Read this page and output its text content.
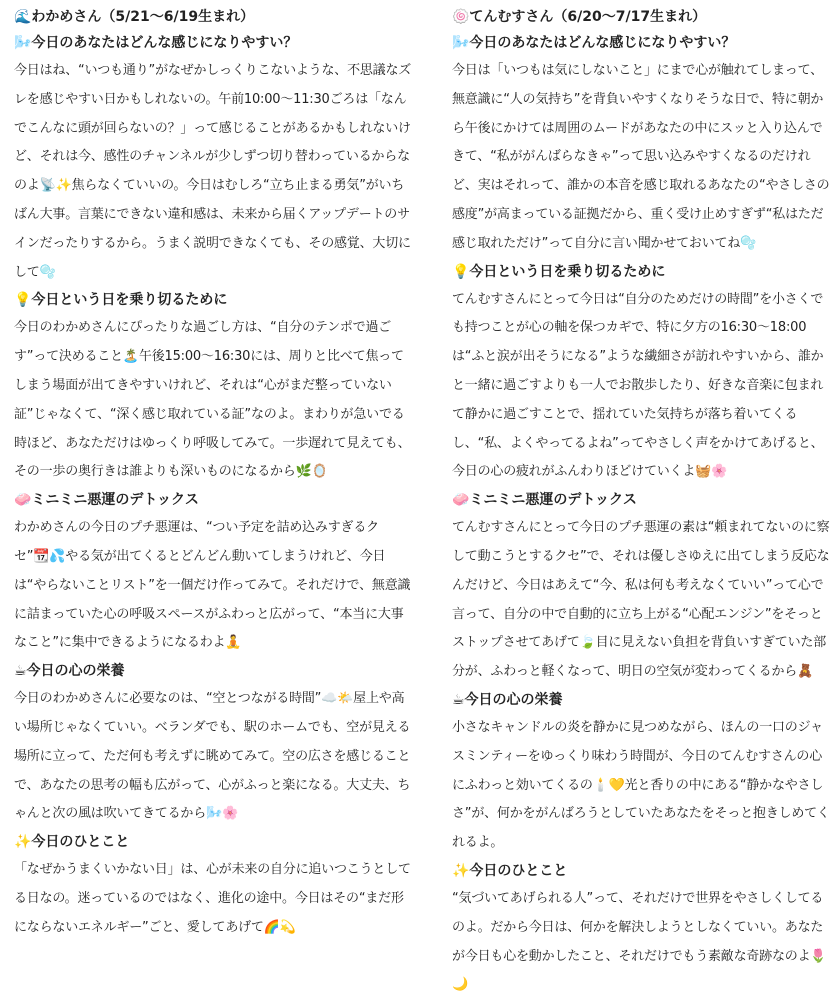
🌊わかめさん（5/21〜6/19生まれ）

🌬️今日のあなたはどんな感じになりやすい？

今日はね、“いつも通り”がなぜかしっくりこないような、不思議なズレを感じやすい日かもしれないの。午前10:00〜11:30ごろは「なんでこんなに頭が回らないの？」って感じることがあるかもしれないけど、それは今、感性のチャンネルが少しずつ切り替わっているからなのよ📡✨焦らなくていいの。今日はむしろ“立ち止まる勇気”がいちばん大事。言葉にできない違和感は、未来から届くアップデートのサインだったりするから。うまく説明できなくても、その感覚、大切にして🫧

💡今日という日を乗り切るために

今日のわかめさんにぴったりな過ごし方は、“自分のテンポで過ごす”って決めること🏝️午後15:00〜16:30には、周りと比べて焦ってしまう場面が出てきやすいけれど、それは“心がまだ整っていない証”じゃなくて、“深く感じ取れている証”なのよ。まわりが急いでる時ほど、あなただけはゆっくり呼吸してみて。一歩遅れて見えても、その一歩の奥行きは誰よりも深いものになるから🌿🪞

🧼ミニミニ悪運のデトックス

わかめさんの今日のプチ悪運は、“つい予定を詰め込みすぎるクセ”📆💦やる気が出てくるとどんどん動いてしまうけれど、今日は“やらないことリスト”を一個だけ作ってみて。それだけで、無意識に詰まっていた心の呼吸スペースがふわっと広がって、“本当に大事なこと”に集中できるようになるわよ🧘

☕今日の心の栄養

今日のわかめさんに必要なのは、“空とつながる時間”☁️🌤️屋上や高い場所じゃなくていい。ベランダでも、駅のホームでも、空が見える場所に立って、ただ何も考えずに眺めてみて。空の広さを感じることで、あなたの思考の幅も広がって、心がふっと楽になる。大丈夫、ちゃんと次の風は吹いてきてるから🌬️🌸

✨今日のひとこと

「なぜかうまくいかない日」は、心が未来の自分に追いつこうとしてる日なの。迷っているのではなく、進化の途中。今日はその“まだ形にならないエネルギー”ごと、愛してあげて🌈💫

🍥てんむすさん（6/20〜7/17生まれ）

🌬️今日のあなたはどんな感じになりやすい？

今日は「いつもは気にしないこと」にまで心が触れてしまって、無意識に“人の気持ち”を背負いやすくなりそうな日で、特に朝から午後にかけては周囲のムードがあなたの中にスッと入り込んできて、“私ががんばらなきゃ”って思い込みやすくなるのだけれど、実はそれって、誰かの本音を感じ取れるあなたの“やさしさの感度”が高まっている証拠だから、重く受け止めすぎず“私はただ感じ取れただけ”って自分に言い聞かせておいてね🫧

💡今日という日を乗り切るために

てんむすさんにとって今日は“自分のためだけの時間”を小さくでも持つことが心の軸を保つカギで、特に夕方の16:30〜18:00は“ふと涙が出そうになる”ような繊細さが訪れやすいから、誰かと一緒に過ごすよりも一人でお散歩したり、好きな音楽に包まれて静かに過ごすことで、揺れていた気持ちが落ち着いてくるし、“私、よくやってるよね”ってやさしく声をかけてあげると、今日の心の疲れがふんわりほどけていくよ🧺🌸

🧼ミニミニ悪運のデトックス

てんむすさんにとって今日のプチ悪運の素は“頼まれてないのに察して動こうとするクセ”で、それは優しさゆえに出てしまう反応なんだけど、今日はあえて“今、私は何も考えなくていい”って心で言って、自分の中で自動的に立ち上がる“心配エンジン”をそっとストップさせてあげて🍃目に見えない負担を背負いすぎていた部分が、ふわっと軽くなって、明日の空気が変わってくるから🧸

☕今日の心の栄養

小さなキャンドルの炎を静かに見つめながら、ほんの一口のジャスミンティーをゆっくり味わう時間が、今日のてんむすさんの心にふわっと効いてくるの🕯️💛光と香りの中にある“静かなやさしさ”が、何かをがんばろうとしていたあなたをそっと抱きしめてくれるよ。

✨今日のひとこと

“気づいてあげられる人”って、それだけで世界をやさしくしてるのよ。だから今日は、何かを解決しようとしなくていい。あなたが今日も心を動かしたこと、それだけでもう素敵な奇跡なのよ🌷🌙
